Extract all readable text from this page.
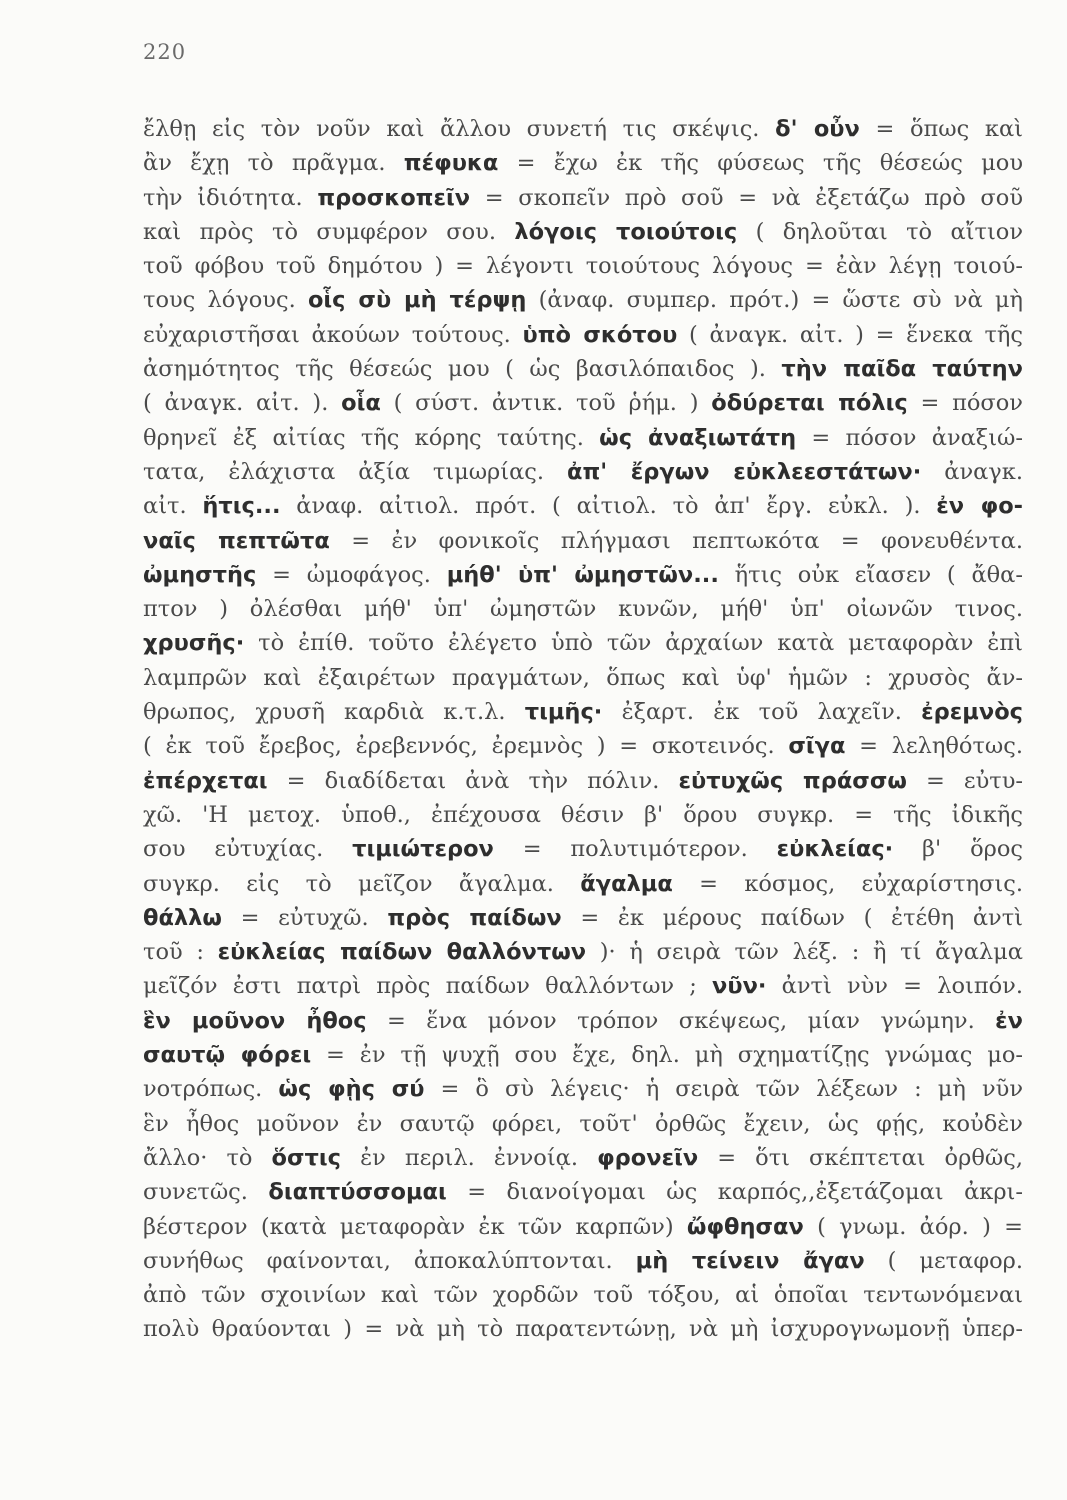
220
ἔλθῃ εἰς τὸν νοῦν καὶ ἄλλου συνετή τις σκέψις. δ' οὖν = ὅπως καὶ
ἂν ἔχῃ τὸ πρᾶγμα. πέφυκα = ἔχω ἐκ τῆς φύσεως τῆς θέσεώς μου
τὴν ἰδιότητα. προσκοπεῖν = σκοπεῖν πρὸ σοῦ = νὰ ἐξετάζω πρὸ σοῦ
καὶ πρὸς τὸ συμφέρον σου. λόγοις τοιούτοις ( δηλοῦται τὸ αἴτιον
τοῦ φόβου τοῦ δημότου ) = λέγοντι τοιούτους λόγους = ἐὰν λέγῃ τοιού-
τους λόγους. οἷς σὺ μὴ τέρψῃ (ἀναφ. συμπερ. πρότ.) = ὥστε σὺ νὰ μὴ
εὐχαριστῆσαι ἀκούων τούτους. ὑπὸ σκότου ( ἀναγκ. αἰτ. ) = ἕνεκα τῆς
ἀσημότητος τῆς θέσεώς μου ( ὡς βασιλόπαιδος ). τὴν παῖδα ταύτην
( ἀναγκ. αἰτ. ). οἷα ( σύστ. ἀντικ. τοῦ ῥήμ. ) ὀδύρεται πόλις = πόσον
θρηνεῖ ἐξ αἰτίας τῆς κόρης ταύτης. ὡς ἀναξιωτάτη = πόσον ἀναξιώ-
τατα, ἐλάχιστα ἀξία τιμωρίας. ἀπ' ἔργων εὐκλεεστάτων· ἀναγκ.
αἰτ. ἥτις... ἀναφ. αἰτιολ. πρότ. ( αἰτιολ. τὸ ἀπ' ἔργ. εὐκλ. ). ἐν φο-
ναῖς πεπτῶτα = ἐν φονικοῖς πλήγμασι πεπτωκότα = φονευθέντα.
ὠμηστῆς = ὠμοφάγος. μήθ' ὑπ' ὠμηστῶν... ἥτις οὐκ εἴασεν ( ἄθα-
πτον ) ὀλέσθαι μήθ' ὑπ' ὠμηστῶν κυνῶν, μήθ' ὑπ' οἰωνῶν τινος.
χρυσῆς· τὸ ἐπίθ. τοῦτο ἐλέγετο ὑπὸ τῶν ἀρχαίων κατὰ μεταφορὰν ἐπὶ
λαμπρῶν καὶ ἐξαιρέτων πραγμάτων, ὅπως καὶ ὑφ' ἡμῶν : χρυσὸς ἄν-
θρωπος, χρυσῆ καρδιὰ κ.τ.λ. τιμῆς· ἐξαρτ. ἐκ τοῦ λαχεῖν. ἐρεμνὸς
( ἐκ τοῦ ἔρεβος, ἐρεβεννός, ἐρεμνὸς ) = σκοτεινός. σῖγα = λεληθότως.
ἐπέρχεται = διαδίδεται ἀνὰ τὴν πόλιν. εὐτυχῶς πράσσω = εὐτυ-
χῶ. 'Η μετοχ. ὑποθ., ἐπέχουσα θέσιν β' ὅρου συγκρ. = τῆς ἰδικῆς
σου εὐτυχίας. τιμιώτερον = πολυτιμότερον. εὐκλείας· β' ὅρος
συγκρ. εἰς τὸ μεῖζον ἄγαλμα. ἄγαλμα = κόσμος, εὐχαρίστησις.
θάλλω = εὐτυχῶ. πρὸς παίδων = ἐκ μέρους παίδων ( ἐτέθη ἀντὶ
τοῦ : εὐκλείας παίδων θαλλόντων )· ἡ σειρὰ τῶν λέξ. : ἢ τί ἄγαλμα
μεῖζόν ἐστι πατρὶ πρὸς παίδων θαλλόντων ; νῦν· ἀντὶ νὺν = λοιπόν.
ἓν μοῦνον ἦθος = ἕνα μόνον τρόπον σκέψεως, μίαν γνώμην. ἐν
σαυτῷ φόρει = ἐν τῇ ψυχῇ σου ἔχε, δηλ. μὴ σχηματίζῃς γνώμας μο-
νοτρόπως. ὡς φῂς σύ = ὃ σὺ λέγεις· ἡ σειρὰ τῶν λέξεων : μὴ νῦν
ἓν ἦθος μοῦνον ἐν σαυτῷ φόρει, τοῦτ' ὀρθῶς ἔχειν, ὡς φῄς, κοὐδὲν
ἄλλο· τὸ ὅστις ἐν περιλ. ἐννοίᾳ. φρονεῖν = ὅτι σκέπτεται ὀρθῶς,
συνετῶς. διαπτύσσομαι = διανοίγομαι ὡς καρπός,,ἐξετάζομαι ἀκρι-
βέστερον (κατὰ μεταφορὰν ἐκ τῶν καρπῶν) ὤφθησαν ( γνωμ. ἀόρ. ) =
συνήθως φαίνονται, ἀποκαλύπτονται. μὴ τείνειν ἄγαν ( μεταφορ.
ἀπὸ τῶν σχοινίων καὶ τῶν χορδῶν τοῦ τόξου, αἱ ὁποῖαι τεντωνόμεναι
πολὺ θραύονται ) = νὰ μὴ τὸ παρατεντώνῃ, νὰ μὴ ἰσχυρογνωμονῇ ὑπερ-
